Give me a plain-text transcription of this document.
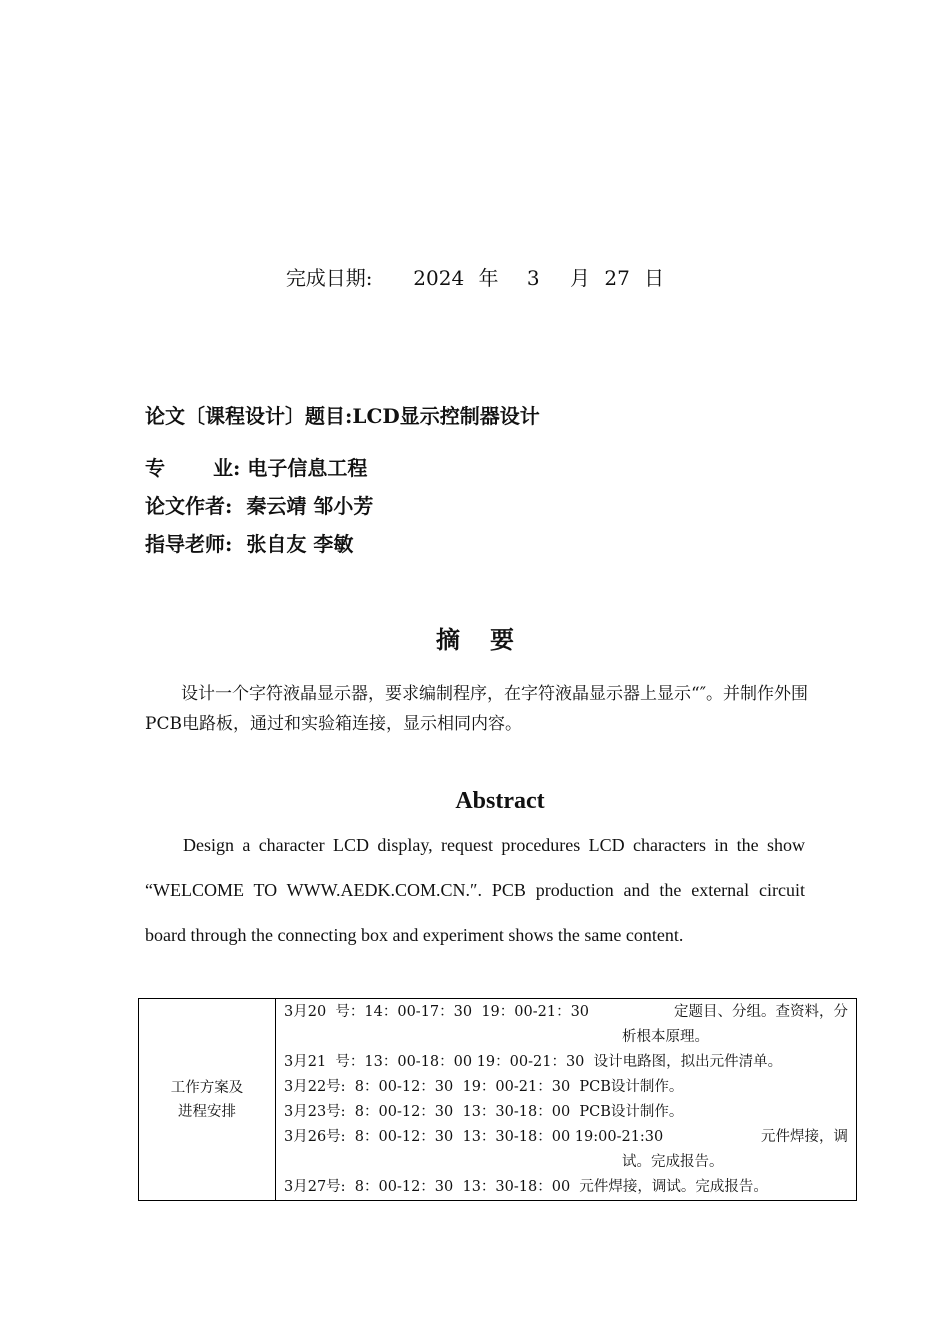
完成日期: 2024 年 3 月 27 日
论文〔课程设计〕题目:LCD显示控制器设计
专 业: 电子信息工程
论文作者: 秦云靖 邹小芳
指导老师: 张自友 李敏
摘要

设计一个字符液晶显示器，要求编制程序，在字符液晶显示器上显示“″。并制作外围PCB电路板，通过和实验箱连接，显示相同内容。

Abstract

Design a character LCD display, request procedures LCD characters in the show “WELCOME TO WWW.AEDK.COM.CN.″. PCB production and the external circuit board through the connecting box and experiment shows the same content.

工作方案及
进程安排

3月20  号：14：00-17：30  19：00-21：30	定题目、分组。查资料，分
析根本原理。
3月21  号：13：00-18：00 19：00-21：30 设计电路图，拟出元件清单。
3月22号:  8：00-12：30  19：00-21：30 PCB设计制作。
3月23号:  8：00-12：30  13：30-18：00 PCB设计制作。
3月26号:  8：00-12：30  13：30-18：00 19:00-21:30	元件焊接，调
试。完成报告。
3月27号:  8：00-12：30  13：30-18：00 元件焊接，调试。完成报告。
